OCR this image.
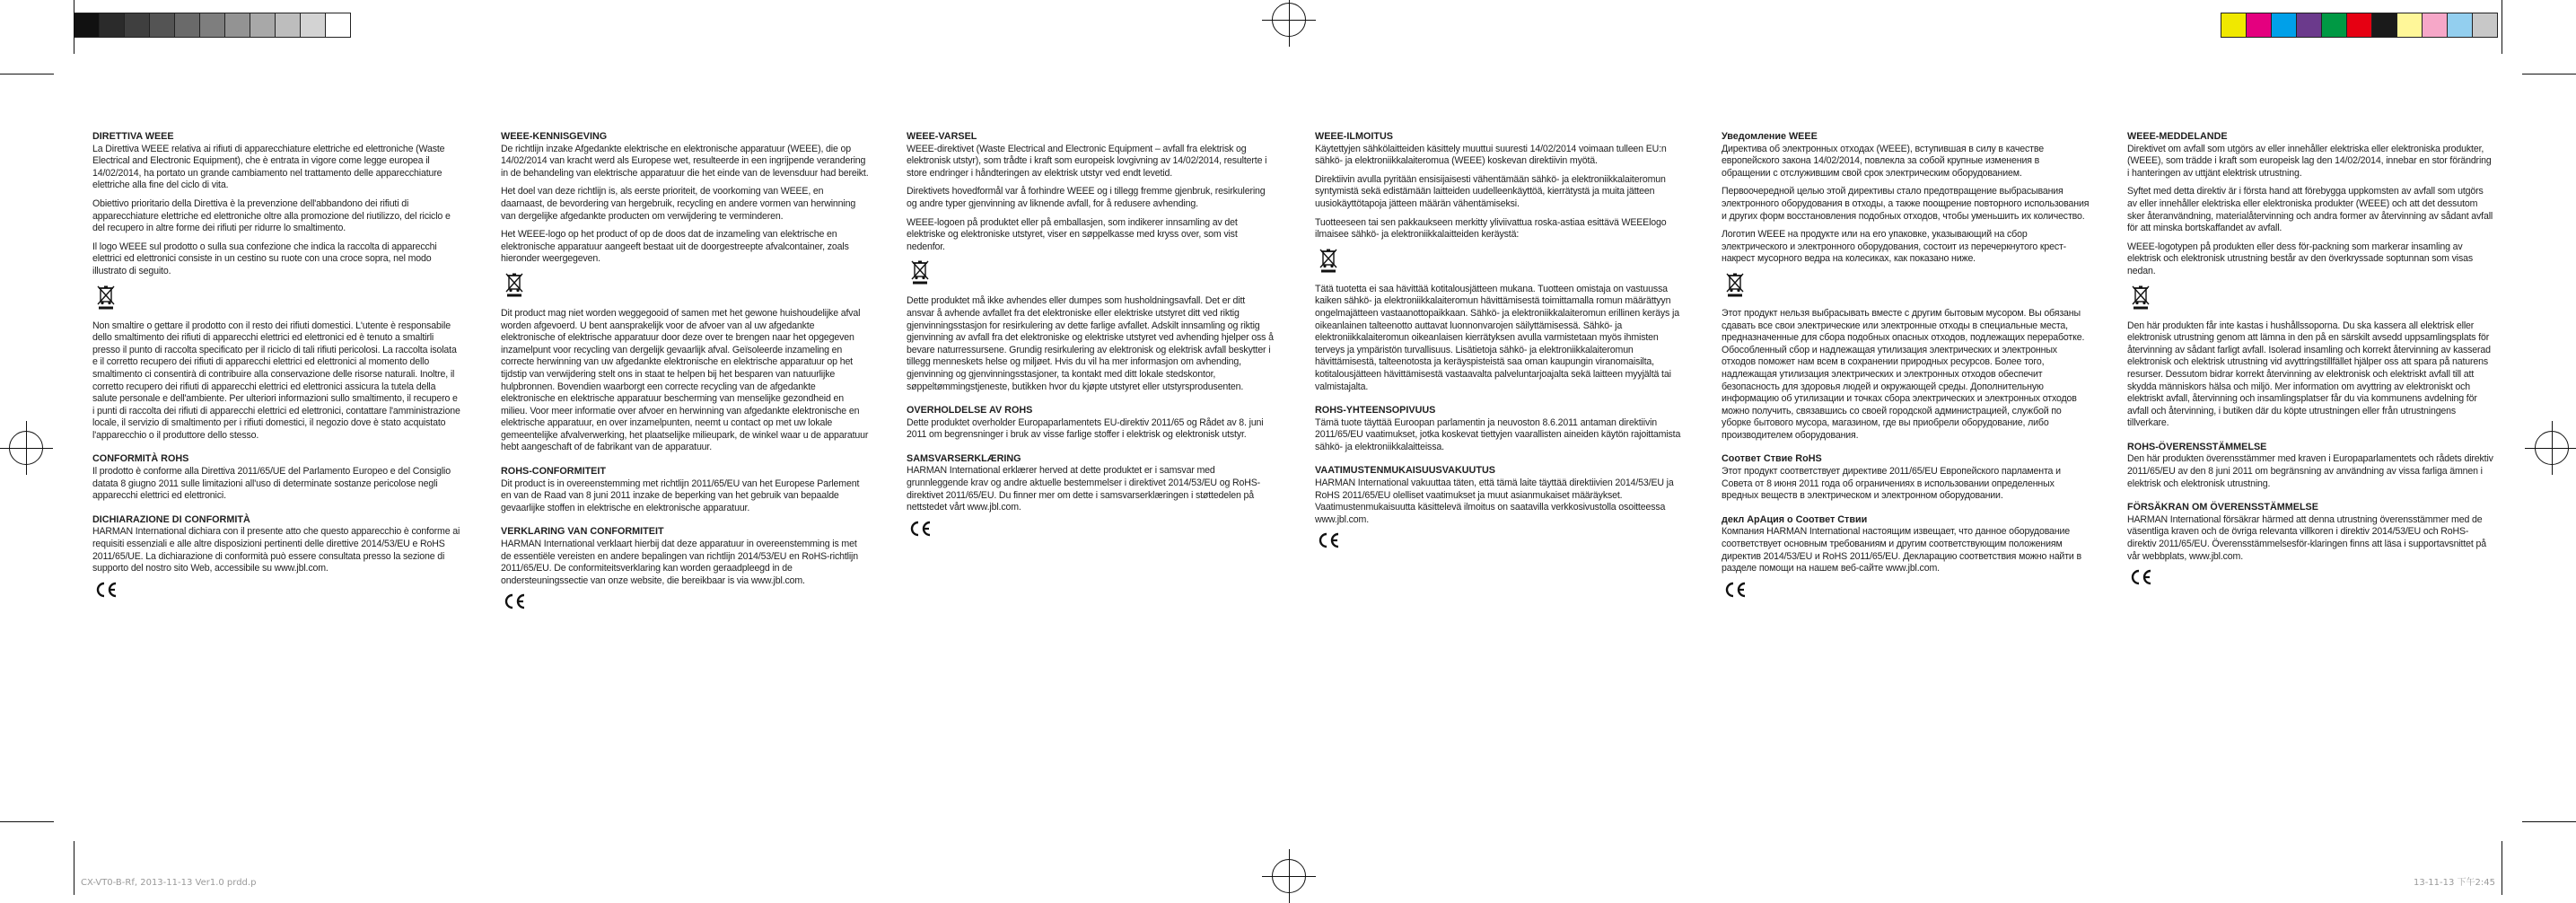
DIRETTIVA WEEE

La Direttiva WEEE relativa ai rifiuti di apparecchiature elettriche ed elettroniche (Waste Electrical and Electronic Equipment), che è entrata in vigore come legge europea il 14/02/2014, ha portato un grande cambiamento nel trattamento delle apparecchiature elettriche alla fine del ciclo di vita.

Obiettivo prioritario della Direttiva è la prevenzione dell'abbandono dei rifiuti di apparecchiature elettriche ed elettroniche oltre alla promozione del riutilizzo, del riciclo e del recupero in altre forme dei rifiuti per ridurre lo smaltimento.

Il logo WEEE sul prodotto o sulla sua confezione che indica la raccolta di apparecchi elettrici ed elettronici consiste in un cestino su ruote con una croce sopra, nel modo illustrato di seguito.

Non smaltire o gettare il prodotto con il resto dei rifiuti domestici. L'utente è responsabile dello smaltimento dei rifiuti di apparecchi elettrici ed elettronici ed è tenuto a smaltirli presso il punto di raccolta specificato per il riciclo di tali rifiuti pericolosi. La raccolta isolata e il corretto recupero dei rifiuti di apparecchi elettrici ed elettronici al momento dello smaltimento ci consentirà di contribuire alla conservazione delle risorse naturali. Inoltre, il corretto recupero dei rifiuti di apparecchi elettrici ed elettronici assicura la tutela della salute personale e dell'ambiente. Per ulteriori informazioni sullo smaltimento, il recupero e i punti di raccolta dei rifiuti di apparecchi elettrici ed elettronici, contattare l'amministrazione locale, il servizio di smaltimento per i rifiuti domestici, il negozio dove è stato acquistato l'apparecchio o il produttore dello stesso.

CONFORMITÀ ROHS

Il prodotto è conforme alla Direttiva 2011/65/UE del Parlamento Europeo e del Consiglio datata 8 giugno 2011 sulle limitazioni all'uso di determinate sostanze pericolose negli apparecchi elettrici ed elettronici.

DICHIARAZIONE DI CONFORMITÀ

HARMAN International dichiara con il presente atto che questo apparecchio è conforme ai requisiti essenziali e alle altre disposizioni pertinenti delle direttive 2014/53/EU e RoHS 2011/65/UE. La dichiarazione di conformità può essere consultata presso la sezione di supporto del nostro sito Web, accessibile su www.jbl.com.

WEEE-KENNISGEVING

De richtlijn inzake Afgedankte elektrische en elektronische apparatuur (WEEE), die op 14/02/2014 van kracht werd als Europese wet, resulteerde in een ingrijpende verandering in de behandeling van elektrische apparatuur die het einde van de levensduur had bereikt.

Het doel van deze richtlijn is, als eerste prioriteit, de voorkoming van WEEE, en daarnaast, de bevordering van hergebruik, recycling en andere vormen van herwinning van dergelijke afgedankte producten om verwijdering te verminderen.

Het WEEE-logo op het product of op de doos dat de inzameling van elektrische en elektronische apparatuur aangeeft bestaat uit de doorgestreepte afvalcontainer, zoals hieronder weergegeven.

Dit product mag niet worden weggegooid of samen met het gewone huishoudelijke afval worden afgevoerd. U bent aansprakelijk voor de afvoer van al uw afgedankte elektronische of elektrische apparatuur door deze over te brengen naar het opgegeven inzamelpunt voor recycling van dergelijk gevaarlijk afval. Geïsoleerde inzameling en correcte herwinning van uw afgedankte elektronische en elektrische apparatuur op het tijdstip van verwijdering stelt ons in staat te helpen bij het besparen van natuurlijke hulpbronnen. Bovendien waarborgt een correcte recycling van de afgedankte elektronische en elektrische apparatuur bescherming van menselijke gezondheid en milieu. Voor meer informatie over afvoer en herwinning van afgedankte elektronische en elektrische apparatuur, en over inzamelpunten, neemt u contact op met uw lokale gemeentelijke afvalverwerking, het plaatselijke milieupark, de winkel waar u de apparatuur hebt aangeschaft of de fabrikant van de apparatuur.

ROHS-CONFORMITEIT

Dit product is in overeenstemming met richtlijn 2011/65/EU van het Europese Parlement en van de Raad van 8 juni 2011 inzake de beperking van het gebruik van bepaalde gevaarlijke stoffen in elektrische en elektronische apparatuur.

VERKLARING VAN CONFORMITEIT

HARMAN International verklaart hierbij dat deze apparatuur in overeenstemming is met de essentiële vereisten en andere bepalingen van richtlijn 2014/53/EU en RoHS-richtlijn 2011/65/EU. De conformiteitsverklaring kan worden geraadpleegd in de ondersteuningssectie van onze website, die bereikbaar is via www.jbl.com.

WEEE-VARSEL

WEEE-direktivet (Waste Electrical and Electronic Equipment – avfall fra elektrisk og elektronisk utstyr), som trådte i kraft som europeisk lovgivning av 14/02/2014, resulterte i store endringer i håndteringen av elektrisk utstyr ved endt levetid.

Direktivets hovedformål var å forhindre WEEE og i tillegg fremme gjenbruk, resirkulering og andre typer gjenvinning av liknende avfall, for å redusere avhending.

WEEE-logoen på produktet eller på emballasjen, som indikerer innsamling av det elektriske og elektroniske utstyret, viser en søppelkasse med kryss over, som vist nedenfor.

Dette produktet må ikke avhendes eller dumpes som husholdningsavfall. Det er ditt ansvar å avhende avfallet fra det elektroniske eller elektriske utstyret ditt ved riktig gjenvinningsstasjon for resirkulering av dette farlige avfallet. Adskilt innsamling og riktig gjenvinning av avfall fra det elektroniske og elektriske utstyret ved avhending hjelper oss å bevare naturressursene. Grundig resirkulering av elektronisk og elektrisk avfall beskytter i tillegg menneskets helse og miljøet. Hvis du vil ha mer informasjon om avhending, gjenvinning og gjenvinningsstasjoner, ta kontakt med ditt lokale stedskontor, søppeltømmingstjeneste, butikken hvor du kjøpte utstyret eller utstyrsprodusenten.

OVERHOLDELSE AV ROHS

Dette produktet overholder Europaparlamentets EU-direktiv 2011/65 og Rådet av 8. juni 2011 om begrensninger i bruk av visse farlige stoffer i elektrisk og elektronisk utstyr.

SAMSVARSERKLÆRING

HARMAN International erklærer herved at dette produktet er i samsvar med grunnleggende krav og andre aktuelle bestemmelser i direktivet 2014/53/EU og RoHS-direktivet 2011/65/EU. Du finner mer om dette i samsvarserklæringen i støttedelen på nettstedet vårt www.jbl.com.

WEEE-ILMOITUS

Käytettyjen sähkölaitteiden käsittely muuttui suuresti 14/02/2014 voimaan tulleen EU:n sähkö- ja elektroniikkalaiteromua (WEEE) koskevan direktiivin myötä.

Direktiivin avulla pyritään ensisijaisesti vähentämään sähkö- ja elektroniikkalaiteromun syntymistä sekä edistämään laitteiden uudelleenkäyttöä, kierrätystä ja muita jätteen uusiokäyttötapoja jätteen määrän vähentämiseksi.

Tuotteeseen tai sen pakkaukseen merkitty yliviivattua roska-astiaa esittävä WEEElogo ilmaisee sähkö- ja elektroniikkalaitteiden keräystä:

Tätä tuotetta ei saa hävittää kotitalousjätteen mukana. Tuotteen omistaja on vastuussa kaiken sähkö- ja elektroniikkalaiteromun hävittämisestä toimittamalla romun määrättyyn ongelmajätteen vastaanottopaikkaan. Sähkö- ja elektroniikkalaiteromun erillinen keräys ja oikeanlainen talteenotto auttavat luonnonvarojen säilyttämisessä. Sähkö- ja elektroniikkalaiteromun oikeanlaisen kierrätyksen avulla varmistetaan myös ihmisten terveys ja ympäristön turvallisuus. Lisätietoja sähkö- ja elektroniikkalaiteromun hävittämisestä, talteenotosta ja keräyspisteistä saa oman kaupungin viranomaisilta, kotitalousjätteen hävittämisestä vastaavalta palveluntarjoajalta sekä laitteen myyjältä tai valmistajalta.

ROHS-YHTEENSOPIVUUS

Tämä tuote täyttää Euroopan parlamentin ja neuvoston 8.6.2011 antaman direktiivin 2011/65/EU vaatimukset, jotka koskevat tiettyjen vaarallisten aineiden käytön rajoittamista sähkö- ja elektroniikkalaitteissa.

VAATIMUSTENMUKAISUUSVAKUUTUS

HARMAN International vakuuttaa täten, että tämä laite täyttää direktiivien 2014/53/EU ja RoHS 2011/65/EU olelliset vaatimukset ja muut asianmukaiset määräykset. Vaatimustenmukaisuutta käsittelevä ilmoitus on saatavilla verkkosivustolla osoitteessa www.jbl.com.

Уведомление WEEE

Директива об электронных отходах (WEEE), вступившая в силу в качестве европейского закона 14/02/2014, повлекла за собой крупные изменения в обращении с отслужившим свой срок электрическим оборудованием.

Первоочередной целью этой директивы стало предотвращение выбрасывания электронного оборудования в отходы, а также поощрение повторного использования и других форм восстановления подобных отходов, чтобы уменьшить их количество.

Логотип WEEE на продукте или на его упаковке, указывающий на сбор электрического и электронного оборудования, состоит из перечеркнутого крест-накрест мусорного ведра на колесиках, как показано ниже.

Этот продукт нельзя выбрасывать вместе с другим бытовым мусором. Вы обязаны сдавать все свои электрические или электронные отходы в специальные места, предназначенные для сбора подобных опасных отходов, подлежащих переработке. Обособленный сбор и надлежащая утилизация электрических и электронных отходов поможет нам всем в сохранении природных ресурсов. Более того, надлежащая утилизация электрических и электронных отходов обеспечит безопасность для здоровья людей и окружающей среды. Дополнительную информацию об утилизации и точках сбора электрических и электронных отходов можно получить, связавшись со своей городской администрацией, службой по уборке бытового мусора, магазином, где вы приобрели оборудование, либо производителем оборудования.

Соотвeт Ствие RoHS

Этот продукт соответствует директиве 2011/65/EU Европейского парламента и Совета от 8 июня 2011 года об ограничениях в использовании определенных вредных веществ в электрическом и электронном оборудовании.

декл АрАция о Соответ Ствии

Компания HARMAN International настоящим извещает, что данное оборудование соответствует основным требованиям и другим соответствующим положениям директив 2014/53/EU и RoHS 2011/65/EU. Декларацию соответствия можно найти в разделе помощи на нашем веб-сайте www.jbl.com.

WEEE-MEDDELANDE

Direktivet om avfall som utgörs av eller innehåller elektriska eller elektroniska produkter, (WEEE), som trädde i kraft som europeisk lag den 14/02/2014, innebar en stor förändring i hanteringen av uttjänt elektrisk utrustning.

Syftet med detta direktiv är i första hand att förebygga uppkomsten av avfall som utgörs av eller innehåller elektriska eller elektroniska produkter (WEEE) och att det dessutom sker återanvändning, materialåtervinning och andra former av återvinning av sådant avfall för att minska bortskaffandet av avfall.

WEEE-logotypen på produkten eller dess för-packning som markerar insamling av elektrisk och elektronisk utrustning består av den överkryssade soptunnan som visas nedan.

Den här produkten får inte kastas i hushållssoporna. Du ska kassera all elektrisk eller elektronisk utrustning genom att lämna in den på en särskilt avsedd uppsamlingsplats för återvinning av sådant farligt avfall. Isolerad insamling och korrekt återvinning av kasserad elektronisk och elektrisk utrustning vid avyttringstillfället hjälper oss att spara på naturens resurser. Dessutom bidrar korrekt återvinning av elektronisk och elektriskt avfall till att skydda människors hälsa och miljö. Mer information om avyttring av elektroniskt och elektriskt avfall, återvinning och insamlingsplatser får du via kommunens avdelning för avfall och återvinning, i butiken där du köpte utrustningen eller från utrustningens tillverkare.

ROHS-ÖVERENSSTÄMMELSE

Den här produkten överensstämmer med kraven i Europaparlamentets och rådets direktiv 2011/65/EU av den 8 juni 2011 om begränsning av användning av vissa farliga ämnen i elektrisk och elektronisk utrustning.

FÖRSÄKRAN OM ÖVERENSSTÄMMELSE

HARMAN International försäkrar härmed att denna utrustning överensstämmer med de väsentliga kraven och de övriga relevanta villkoren i direktiv 2014/53/EU och RoHS-direktiv 2011/65/EU. Överensstämmelsesför-klaringen finns att läsa i supportavsnittet på vår webbplats, www.jbl.com.

CX-VT0-B-Rf, 2013-11-13 Ver1.0 prdd.p	13-11-13 下午2:45
